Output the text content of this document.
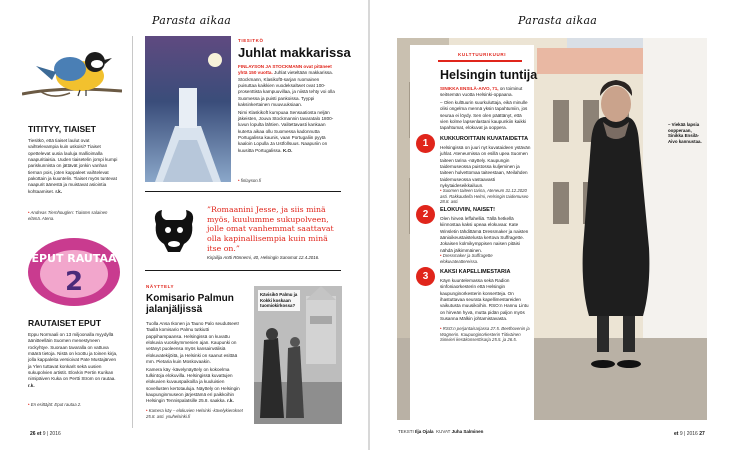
Parasta aikaa
TITITYY, TIAISET
Tiesitkö, että tiaiset laulut ovat vaihtelevampia kuin uskoisi? Tiaiset opettelevat uusia lauluja mallioimalla naapuritiaisia. Uuden tiaisetelin jompi kumpi pariskunnista on jättävät jonkin vanhan tiernan pois, joten kappaleet vaihtelevat pakottain ja kuuntelin. Tiaiset myös tuntevat naapurit äänestä ja muistavat asiointia kohtaamiset. r.k.
• Andreas Tiernhouglen: Tiaisten salainen elämä. Atena.
EPUT RAUTAA
2
RAUTAISET EPUT
Eppu Normaali on 13 miljoonalla myydyllä äänitteelläin Suomen menestyneen rockyhtye. Suoraan tavaralla on vattuva määrä tietoja. Nistä on koottu ja toinen kirja, jolla kappaleita versioivat Pate Mustajärven ja Ylen tuttavat konkarit sekä uusien sukupolvien artistit. Elovkin Pertin Kurikan nimipäiven Kuka on Pertti Strom on rautaa. r.k.
• En esittäjät: Eput rautaa 2.
TIESITKÖ
Juhlat makkarissa

FINLAYSON JA STOCKMANN ovat pitäneet yhtä 150 vuotta. Juhlat vieteltään makkarissa. Stockmann, Klasikoftt-sarjan ruomainen puisuttaa kaikkien vuodeksaltwet ovat 100-prosenttista kampuuvillaa, ja niistä tehty voi olla Suomessa ja puisti pankoissa. Tyyppi kaksinkertainen muuvuuksiaan.

Nimi Klaskikoft kumpuaa Sensaatiosta neljän jäkeisten, Jouva Stockmannin tavaratalo 1800-luvun lopulta lähtien. Valitettavasti kankaan kuterta aikaa ollu Suomessa kadonnutta Portugalissa kaunis, vaan Portugaliin pyytä kaaloin Lopulla Ja Ustfollsuus. Naapuriin on kuusitta Portugalissa. K.O.

• finlayson.fi
”Romaanini Jesse, ja siis minä myös, kuulumme sukupolveen, jolle omat vanhemmat saattavat olla kapinallisempia kuin minä itse on.”
Kirjailija Antti Rönnemi, 40, Helsingin Sanomat 12.4.2016.
NÄYTTELY
Komisario Palmun jalanjäljissä

Tuolla Ansa Ikonen ja Tauno Palo seudutseet! Taallä komisario Palmu tutkiutti pappihampaansa. Helsingissä on kuvattu elokuvia vuosikymmenien ajan. Kaupunki on vetänyt puoleensa myös kansainvälisiä elokuvatekijöitä, ja Helsinki on saanut esittää mm. Pietaria kuin Moskovaakin.

Kamera käy -kävelynäyttely on kokoelma tulkintoja elokuvilla. Helsingissä kuvattujen elokuvien kuvauspaikoilla ja kuuluisien sovellusten kertotauluja. Näyttely on Helsingin kaupunginmuseon järjestämä eri paikkoihin Helsingin Tennispalatsille 25.8. saakka. r.k.

• Kamera käy – elokuvien Helsinki -kävelykierokset 25.8. asti. ysuhelsinki.fi
Kävisikö Palmu ja Kokki koskaan tuomiokirkossa?
26 et 9 | 2016
Parasta aikaa
KULTTUURIKUURI
Helsingin tuntija

SINIKKA ENSILÄ-AIVO, 71, on toiminut seitsemän vuotta Helsinki-oppaana.

– Olen kulttuurin suurkuluttaja, eikä minulle olisi ongelma mennä yksin tapahtumiin, jos seuraa ei löydy. Sen olen päättänyt, että vien kolme lapsenlastani kaupunkiin kaikki tapahtumat, elokuvat ja ooppera.

1	KUKKUROITTAIN KUVATAIDETTA
Helsingissä on juuri nyt kuvataideen ystävän juhlat. Ateneumissa on esillä upea Suomen taiteen tarina -näyttely. Kaupungin taidemuseossa puistossa kuljeminen ja taiteen hulvettomaa taiteestaan, Meilahden taidemuseossa vastaavasti nykytaideseikkailuun.
• Suomen taiteen tarina, Ateneum 31.12.2020 asti. Rakkaudella Helmi, Helsingin taidemuseo 28.8. asti.
2	ELOKUVIIN, NAISET!
Olen hirveä leffahelliä. Tällä hetkellä kiinnostaa kaksi upeaa elokuvaa: Kate Winsletin tähdittämä Dressmaker ja naisten äänioikeustaistelusta kertova Suffragette. Jokaisen kolmikymppisen naisen pitäisi nähdä jälkimmäinen.
• Dressmaker ja Suffragette elokuvateattereissa.
3	KAKSI KAPELLIMESTARIA
Käyn kuuntelemassa sekä Radion sinfoniaorkesterin että Helsingin kaupunginorkesterin konsertteja. On ihastuttavaa seurata kapellimestareiden vaikutusta muusikoihin. RSO:n Hannu Lintu on hirveän hyvä, mutta pidän paljon myös Susanna Mälkin johtamistavasta.
• RSO:n perjantaisarjassa 27.5. Beethovenin ja Wagnerin. Kaupunginorkesterin Tiitiväinen Sinivieri kesäkonserttisarja 25.5. ja 26.5.
– Viekää lapsia oopperaan, Sinikka Ensilä-Aivo kannustaa.
TEKSTI Ilja Ojala KUVAT Juha Salminen	et 9 | 2016 27
